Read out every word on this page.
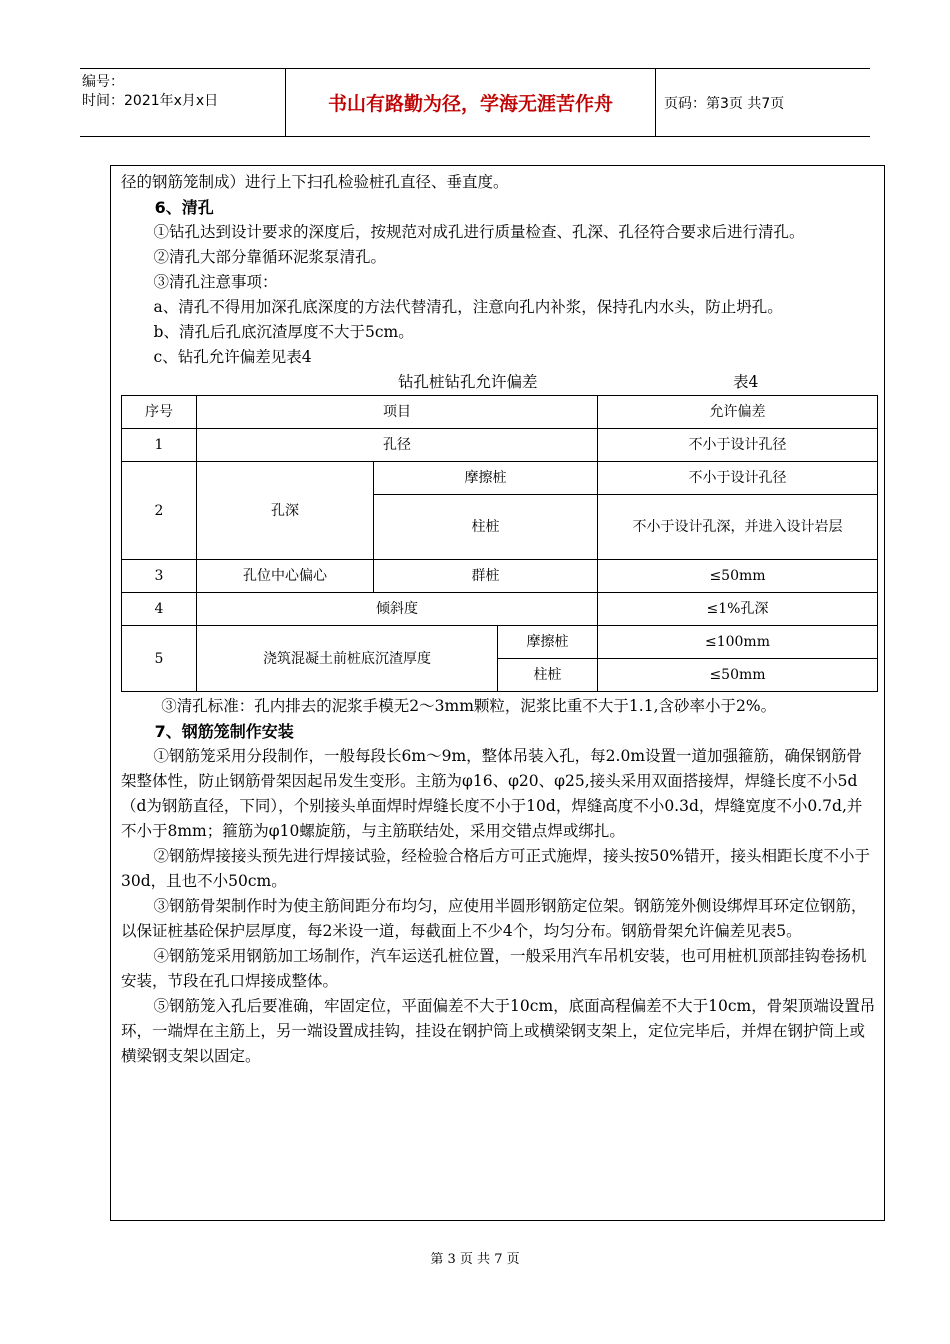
编号：
时间：2021年x月x日	书山有路勤为径，学海无涯苦作舟	页码：第3页 共7页

径的钢筋笼制成）进行上下扫孔检验桩孔直径、垂直度。

6、清孔

①钻孔达到设计要求的深度后，按规范对成孔进行质量检查、孔深、孔径符合要求后进行清孔。

②清孔大部分靠循环泥浆泵清孔。

③清孔注意事项：

a、清孔不得用加深孔底深度的方法代替清孔，注意向孔内补浆，保持孔内水头，防止坍孔。

b、清孔后孔底沉渣厚度不大于5cm。

c、钻孔允许偏差见表4

钻孔桩钻孔允许偏差	表4
序号	项目			允许偏差
1	孔径			不小于设计孔径
2	孔深	摩擦桩		不小于设计孔径
		柱桩		不小于设计孔深，并进入设计岩层
3	孔位中心偏心	群桩		≤50mm
4	倾斜度			≤1%孔深
5	浇筑混凝土前桩底沉渣厚度		摩擦桩	≤100mm
			柱桩	≤50mm

③清孔标准：孔内排去的泥浆手模无2～3mm颗粒，泥浆比重不大于1.1,含砂率小于2%。

7、钢筋笼制作安装

①钢筋笼采用分段制作，一般每段长6m～9m，整体吊装入孔，每2.0m设置一道加强箍筋，确保钢筋骨架整体性，防止钢筋骨架因起吊发生变形。主筋为φ16、φ20、φ25,接头采用双面搭接焊，焊缝长度不小5d（d为钢筋直径，下同），个别接头单面焊时焊缝长度不小于10d，焊缝高度不小0.3d，焊缝宽度不小0.7d,并不小于8mm；箍筋为φ10螺旋筋，与主筋联结处，采用交错点焊或绑扎。

②钢筋焊接接头预先进行焊接试验，经检验合格后方可正式施焊，接头按50%错开，接头相距长度不小于30d，且也不小50cm。

③钢筋骨架制作时为使主筋间距分布均匀，应使用半圆形钢筋定位架。钢筋笼外侧设绑焊耳环定位钢筋，以保证桩基砼保护层厚度，每2米设一道，每截面上不少4个，均匀分布。钢筋骨架允许偏差见表5。

④钢筋笼采用钢筋加工场制作，汽车运送孔桩位置，一般采用汽车吊机安装，也可用桩机顶部挂钩卷扬机安装，节段在孔口焊接成整体。

⑤钢筋笼入孔后要准确，牢固定位，平面偏差不大于10cm，底面高程偏差不大于10cm，骨架顶端设置吊环，一端焊在主筋上，另一端设置成挂钩，挂设在钢护筒上或横梁钢支架上，定位完毕后，并焊在钢护筒上或横梁钢支架以固定。

第 3 页 共 7 页
